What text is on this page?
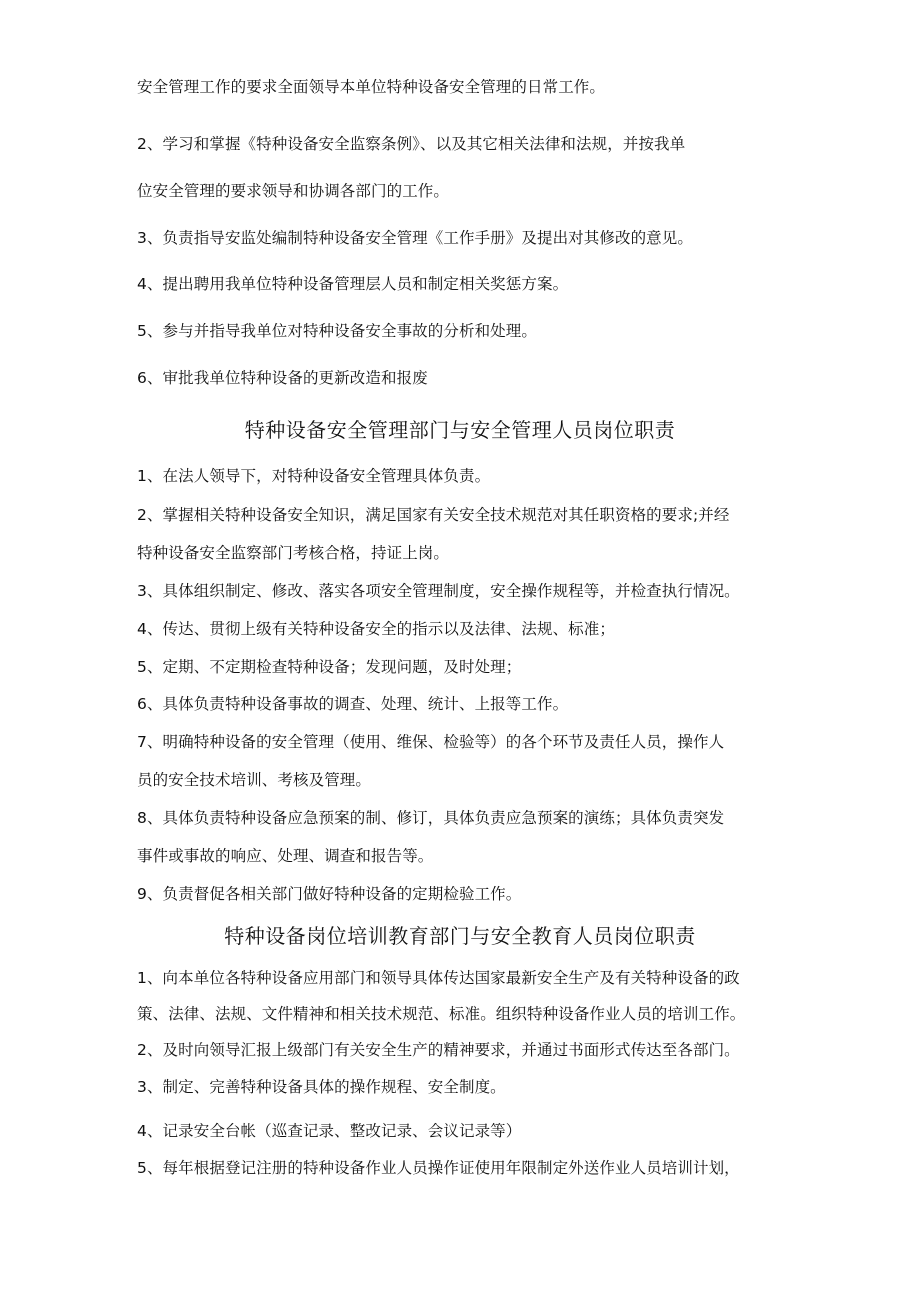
安全管理工作的要求全面领导本单位特种设备安全管理的日常工作。
2、学习和掌握《特种设备安全监察条例》、以及其它相关法律和法规，并按我单
位安全管理的要求领导和协调各部门的工作。
3、负责指导安监处编制特种设备安全管理《工作手册》及提出对其修改的意见。
4、提出聘用我单位特种设备管理层人员和制定相关奖惩方案。
5、参与并指导我单位对特种设备安全事故的分析和处理。
6、审批我单位特种设备的更新改造和报废
特种设备安全管理部门与安全管理人员岗位职责
1、在法人领导下，对特种设备安全管理具体负责。
2、掌握相关特种设备安全知识，满足国家有关安全技术规范对其任职资格的要求;并经
特种设备安全监察部门考核合格，持证上岗。
3、具体组织制定、修改、落实各项安全管理制度，安全操作规程等，并检查执行情况。
4、传达、贯彻上级有关特种设备安全的指示以及法律、法规、标准；
5、定期、不定期检查特种设备；发现问题，及时处理；
6、具体负责特种设备事故的调查、处理、统计、上报等工作。
7、明确特种设备的安全管理（使用、维保、检验等）的各个环节及责任人员，操作人
员的安全技术培训、考核及管理。
8、具体负责特种设备应急预案的制、修订，具体负责应急预案的演练；具体负责突发
事件或事故的响应、处理、调查和报告等。
9、负责督促各相关部门做好特种设备的定期检验工作。
特种设备岗位培训教育部门与安全教育人员岗位职责
1、向本单位各特种设备应用部门和领导具体传达国家最新安全生产及有关特种设备的政
策、法律、法规、文件精神和相关技术规范、标准。组织特种设备作业人员的培训工作。
2、及时向领导汇报上级部门有关安全生产的精神要求，并通过书面形式传达至各部门。
3、制定、完善特种设备具体的操作规程、安全制度。
4、记录安全台帐（巡查记录、整改记录、会议记录等）
5、每年根据登记注册的特种设备作业人员操作证使用年限制定外送作业人员培训计划，
